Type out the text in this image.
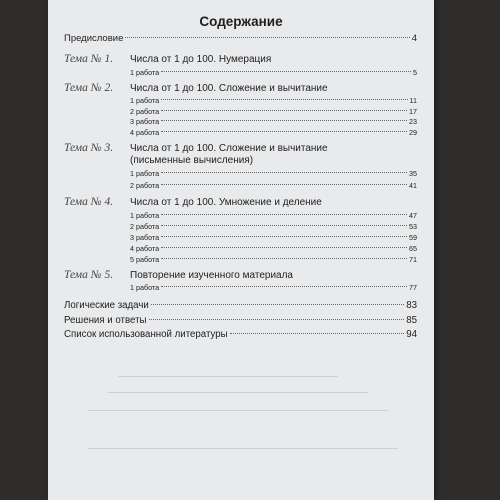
Содержание
Предисловие	4
Тема № 1.	Числа от 1 до 100. Нумерация
1 работа	5
Тема № 2.	Числа от 1 до 100. Сложение и вычитание
1 работа	11
2 работа	17
3 работа	23
4 работа	29
Тема № 3.	Числа от 1 до 100. Сложение и вычитание
(письменные вычисления)
1 работа	35
2 работа	41
Тема № 4.	Числа от 1 до 100. Умножение и деление
1 работа	47
2 работа	53
3 работа	59
4 работа	65
5 работа	71
Тема № 5.	Повторение изученного материала
1 работа	77
Логические задачи	83
Решения и ответы	85
Список использованной литературы	94
